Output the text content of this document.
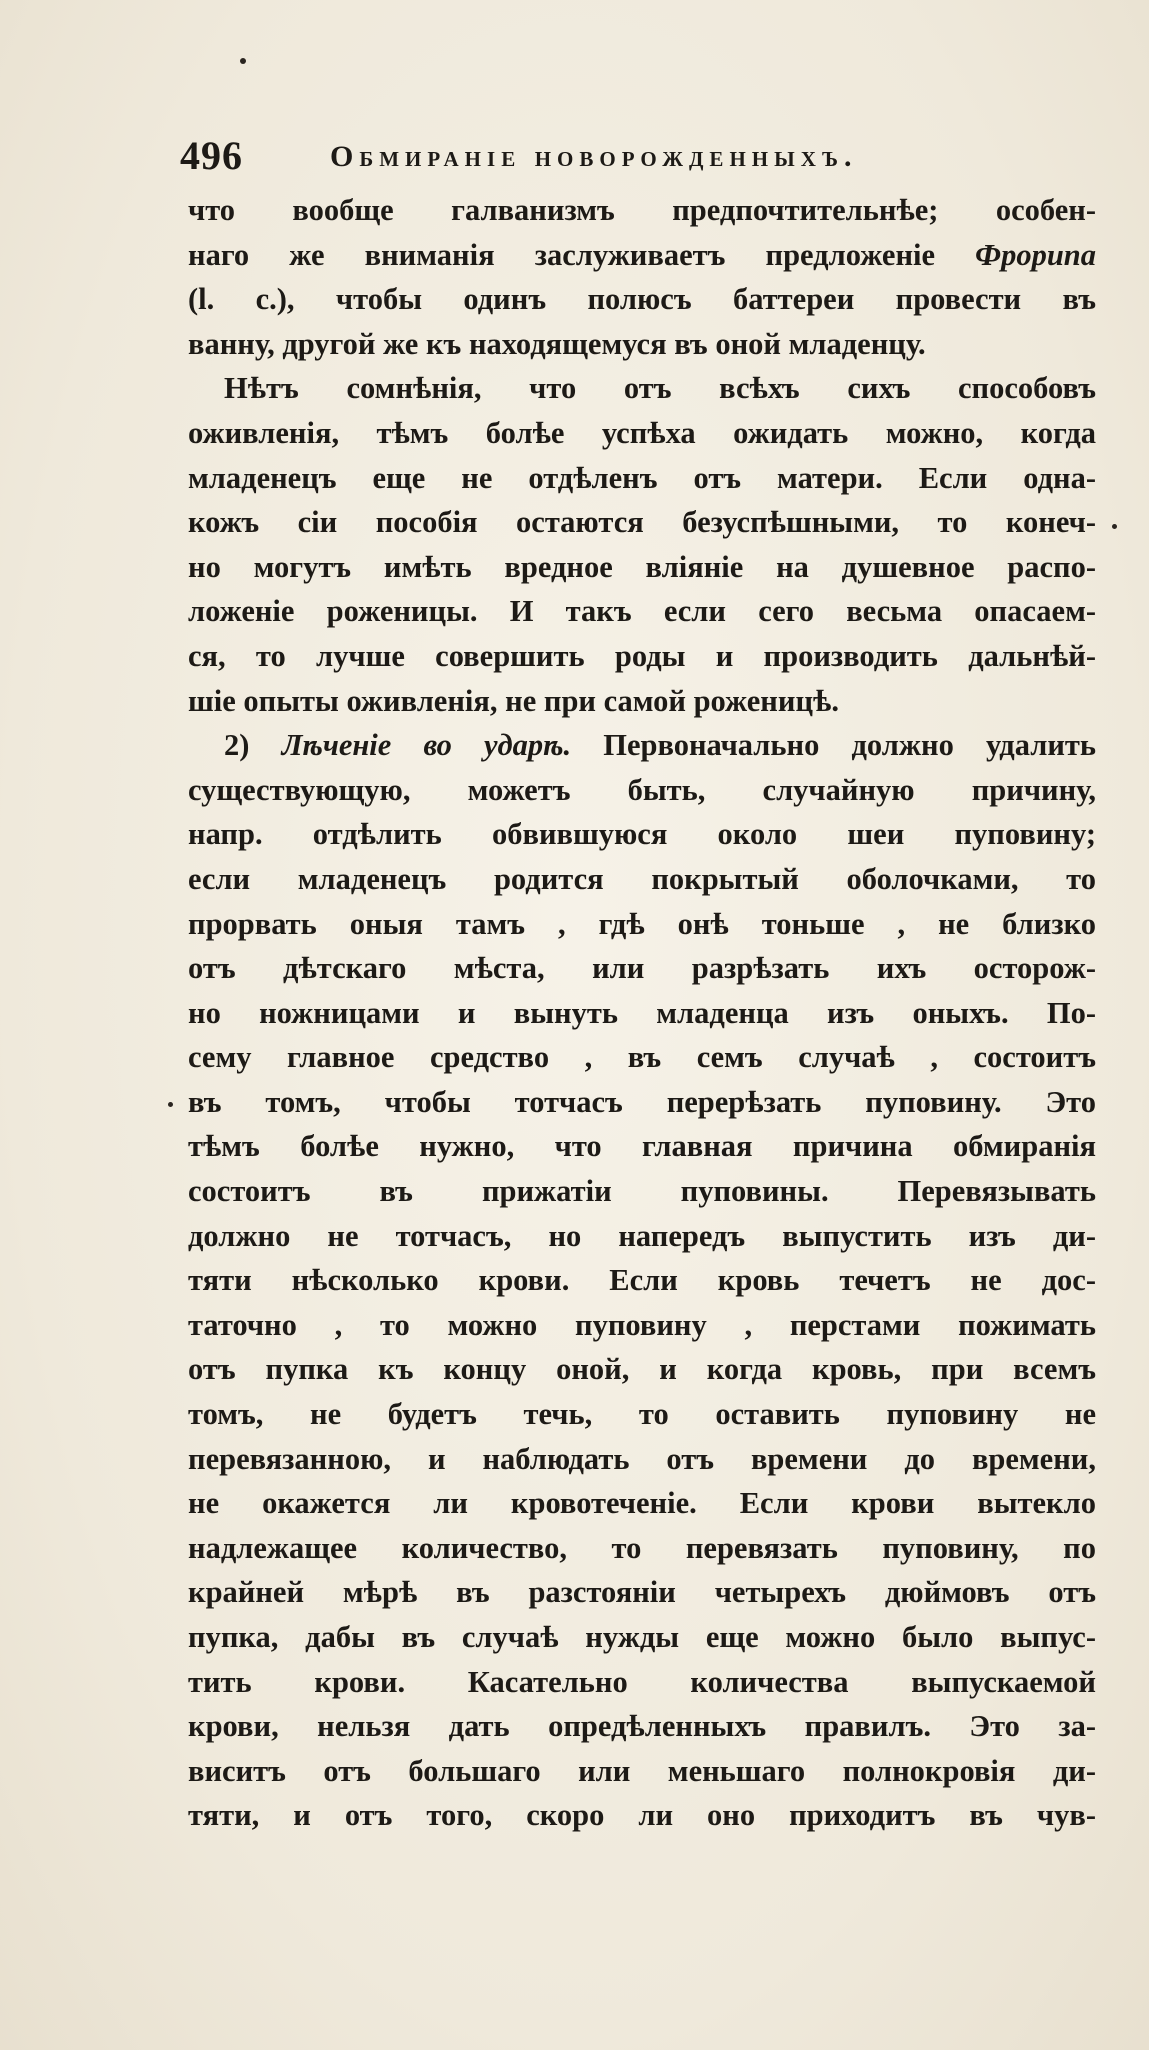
496	Обмиранiе новорожденныхъ.
что вообще галванизмъ предпочтительнѣе; особен-
наго же вниманiя заслуживаетъ предложенiе Фрорипа
(l. c.), чтобы одинъ полюсъ баттереи провести въ
ванну, другой же къ находящемуся въ оной младенцу.
Нѣтъ сомнѣнiя, что отъ всѣхъ сихъ способовъ
оживленiя, тѣмъ болѣе успѣха ожидать можно, когда
младенецъ еще не отдѣленъ отъ матери. Если одна-
кожъ сiи пособiя остаются безуспѣшными, то конеч-
но могутъ имѣть вредное влiянiе на душевное распо-
ложенiе роженицы. И такъ если сего весьма опасаем-
ся, то лучше совершить роды и производить дальнѣй-
шiе опыты оживленiя, не при самой роженицѣ.
2) Лѣченiе во ударѣ. Первоначально должно удалить
существующую, можетъ быть, случайную причину,
напр. отдѣлить обвившуюся около шеи пуповину;
если младенецъ родится покрытый оболочками, то
прорвать оныя тамъ , гдѣ онѣ тоньше , не близко
отъ дѣтскаго мѣста, или разрѣзать ихъ осторож-
но ножницами и вынуть младенца изъ оныхъ. По-
сему главное средство , въ семъ случаѣ , состоитъ
въ томъ, чтобы тотчасъ перерѣзать пуповину. Это
тѣмъ болѣе нужно, что главная причина обмиранiя
состоитъ въ прижатiи пуповины. Перевязывать
должно не тотчасъ, но напередъ выпустить изъ ди-
тяти нѣсколько крови. Если кровь течетъ не дос-
таточно , то можно пуповину , перстами пожимать
отъ пупка къ концу оной, и когда кровь, при всемъ
томъ, не будетъ течь, то оставить пуповину не
перевязанною, и наблюдать отъ времени до времени,
не окажется ли кровотеченiе. Если крови вытекло
надлежащее количество, то перевязать пуповину, по
крайней мѣрѣ въ разстоянiи четырехъ дюймовъ отъ
пупка, дабы въ случаѣ нужды еще можно было выпус-
тить крови. Касательно количества выпускаемой
крови, нельзя дать опредѣленныхъ правилъ. Это за-
виситъ отъ большаго или меньшаго полнокровiя ди-
тяти, и отъ того, скоро ли оно приходитъ въ чув-
